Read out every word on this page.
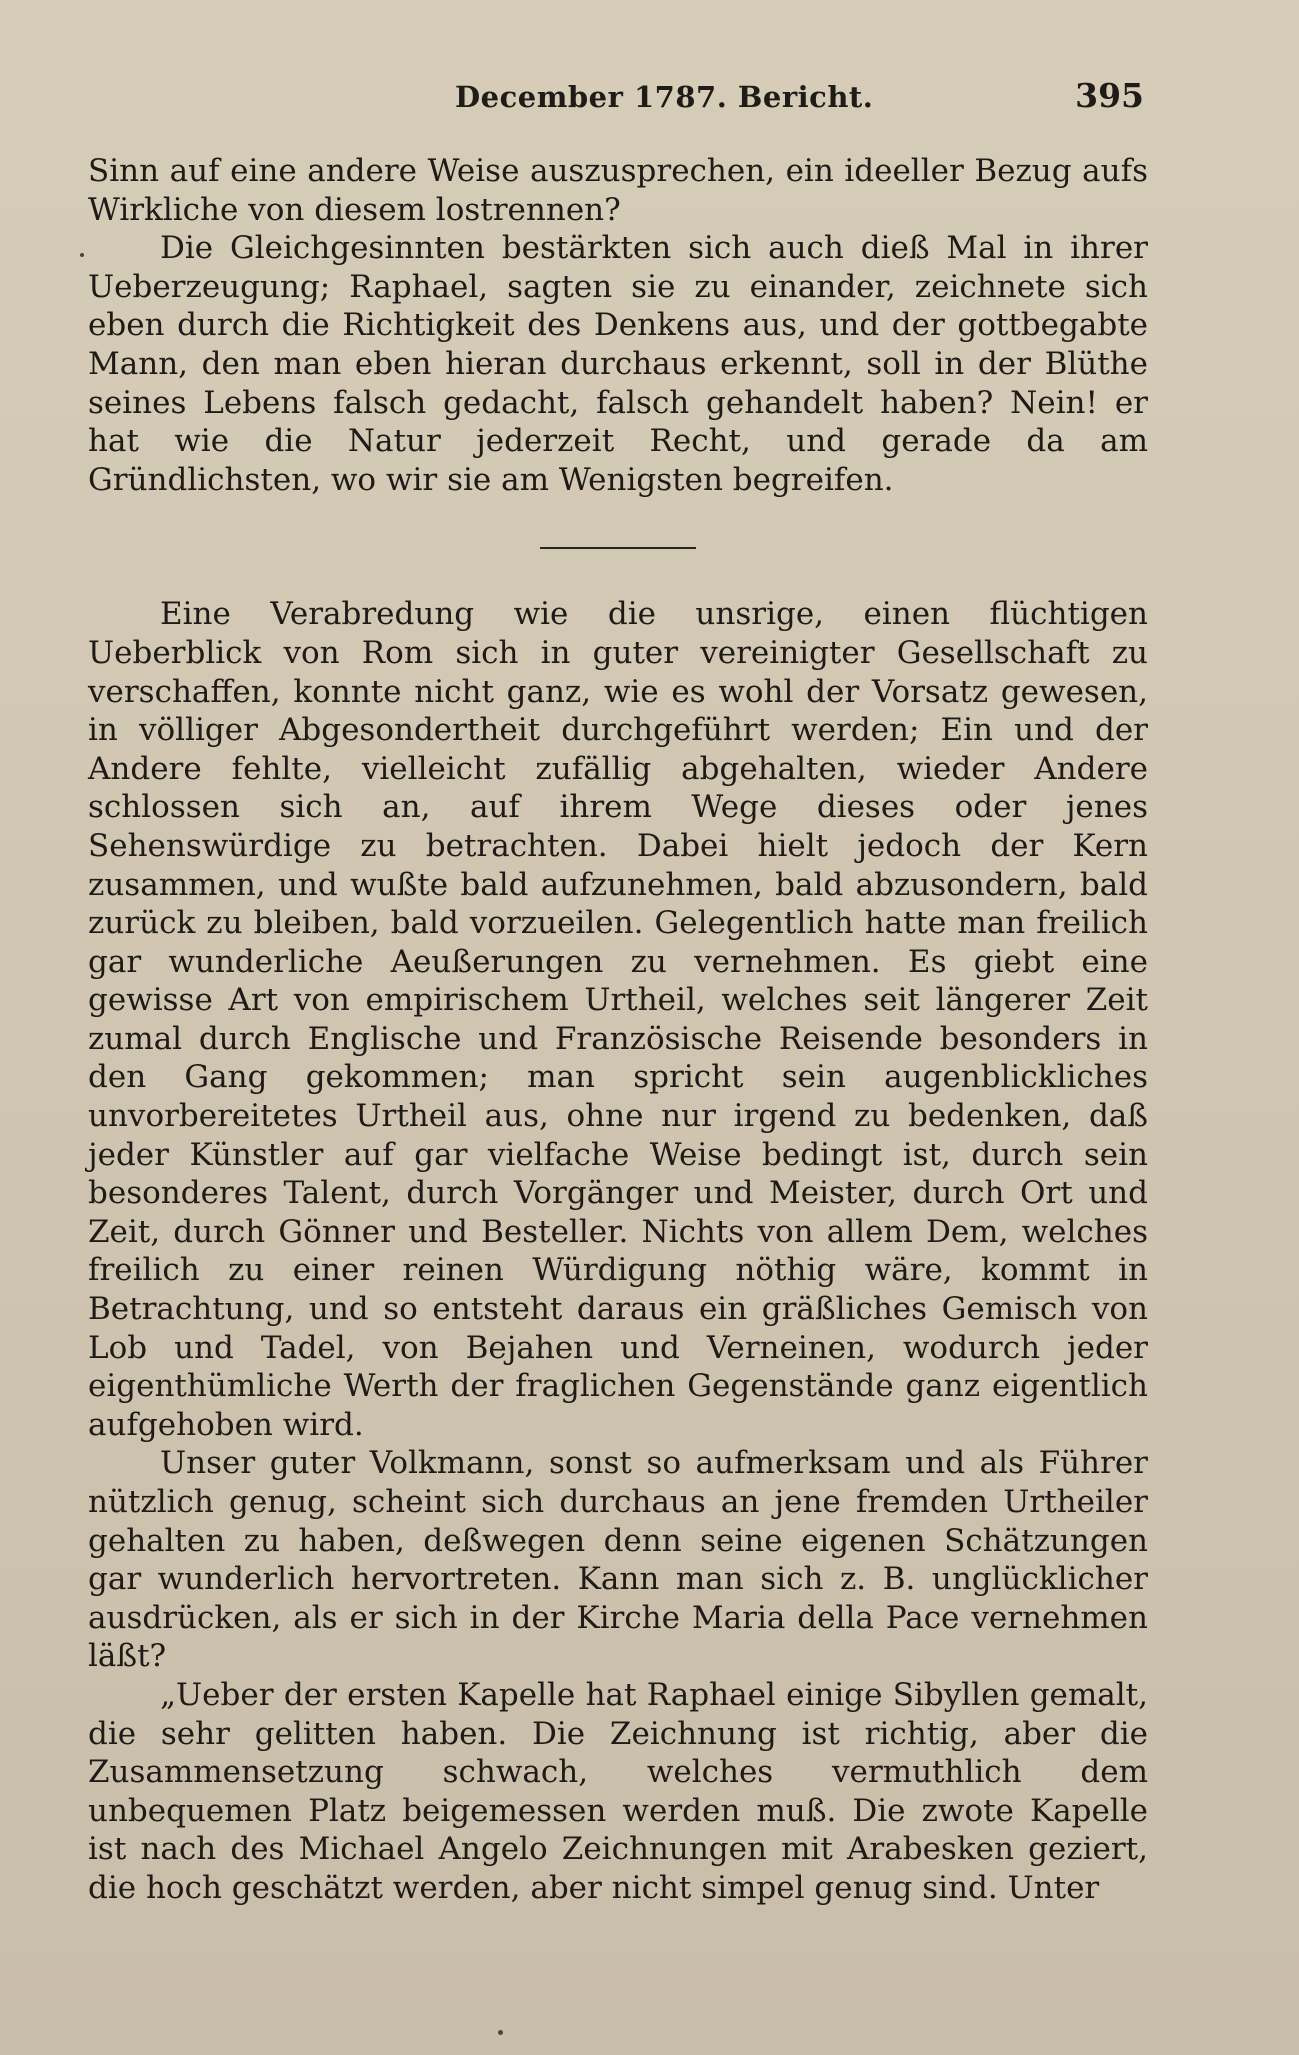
December 1787. Bericht.	395

Sinn auf eine andere Weise auszusprechen, ein ideeller Bezug aufs Wirkliche von diesem lostrennen?

Die Gleichgesinnten bestärkten sich auch dieß Mal in ihrer Ueberzeugung; Raphael, sagten sie zu einander, zeichnete sich eben durch die Richtigkeit des Denkens aus, und der gottbegabte Mann, den man eben hieran durchaus erkennt, soll in der Blüthe seines Lebens falsch gedacht, falsch gehandelt haben? Nein! er hat wie die Natur jederzeit Recht, und gerade da am Gründlichsten, wo wir sie am Wenigsten begreifen.

Eine Verabredung wie die unsrige, einen flüchtigen Ueberblick von Rom sich in guter vereinigter Gesellschaft zu verschaffen, konnte nicht ganz, wie es wohl der Vorsatz gewesen, in völliger Abgesondertheit durchgeführt werden; Ein und der Andere fehlte, vielleicht zufällig abgehalten, wieder Andere schlossen sich an, auf ihrem Wege dieses oder jenes Sehenswürdige zu betrachten. Dabei hielt jedoch der Kern zusammen, und wußte bald aufzunehmen, bald abzusondern, bald zurück zu bleiben, bald vorzueilen. Gelegentlich hatte man freilich gar wunderliche Aeußerungen zu vernehmen. Es giebt eine gewisse Art von empirischem Urtheil, welches seit längerer Zeit zumal durch Englische und Französische Reisende besonders in den Gang gekommen; man spricht sein augenblickliches unvorbereitetes Urtheil aus, ohne nur irgend zu bedenken, daß jeder Künstler auf gar vielfache Weise bedingt ist, durch sein besonderes Talent, durch Vorgänger und Meister, durch Ort und Zeit, durch Gönner und Besteller. Nichts von allem Dem, welches freilich zu einer reinen Würdigung nöthig wäre, kommt in Betrachtung, und so entsteht daraus ein gräßliches Gemisch von Lob und Tadel, von Bejahen und Verneinen, wodurch jeder eigenthümliche Werth der fraglichen Gegenstände ganz eigentlich aufgehoben wird.

Unser guter Volkmann, sonst so aufmerksam und als Führer nützlich genug, scheint sich durchaus an jene fremden Urtheiler gehalten zu haben, deßwegen denn seine eigenen Schätzungen gar wunderlich hervortreten. Kann man sich z. B. unglücklicher ausdrücken, als er sich in der Kirche Maria della Pace vernehmen läßt?

„Ueber der ersten Kapelle hat Raphael einige Sibyllen gemalt, die sehr gelitten haben. Die Zeichnung ist richtig, aber die Zusammensetzung schwach, welches vermuthlich dem unbequemen Platz beigemessen werden muß. Die zwote Kapelle ist nach des Michael Angelo Zeichnungen mit Arabesken geziert, die hoch geschätzt werden, aber nicht simpel genug sind. Unter
